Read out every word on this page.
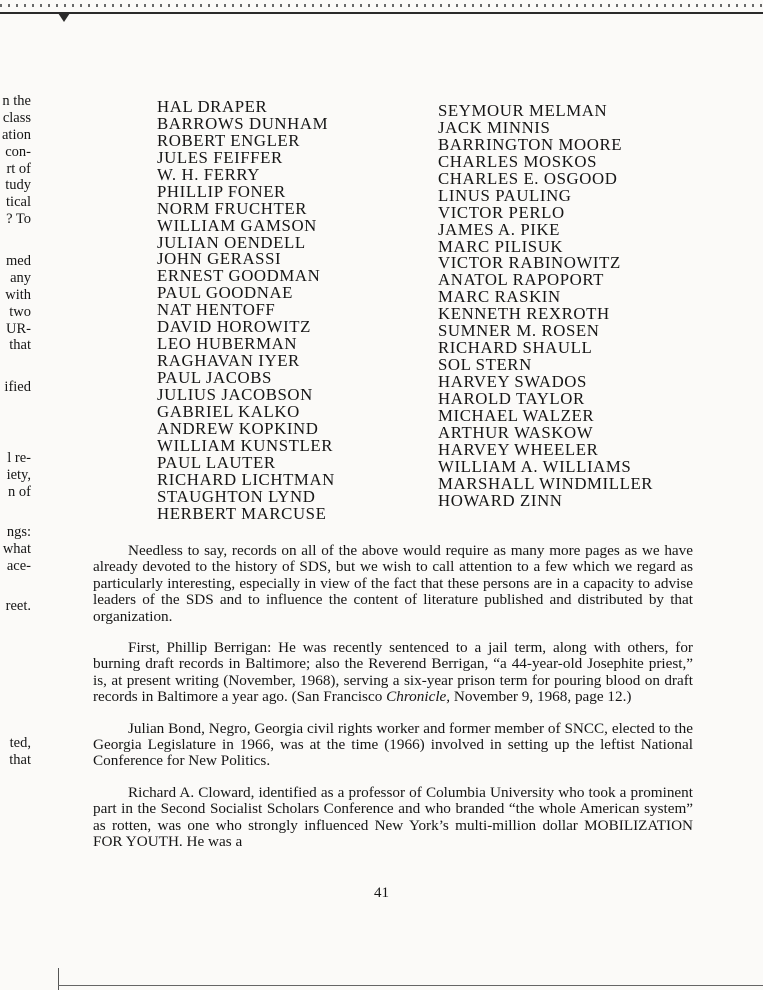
n the
class
ation
con-
rt of
tudy
tical
? To
med
any
with
two
UR-
that
ified
l re-
iety,
n of
ngs:
what
ace-
reet.
ted,
that
HAL DRAPER
BARROWS DUNHAM
ROBERT ENGLER
JULES FEIFFER
W. H. FERRY
PHILLIP FONER
NORM FRUCHTER
WILLIAM GAMSON
JULIAN OENDELL
JOHN GERASSI
ERNEST GOODMAN
PAUL GOODNAE
NAT HENTOFF
DAVID HOROWITZ
LEO HUBERMAN
RAGHAVAN IYER
PAUL JACOBS
JULIUS JACOBSON
GABRIEL KALKO
ANDREW KOPKIND
WILLIAM KUNSTLER
PAUL LAUTER
RICHARD LICHTMAN
STAUGHTON LYND
HERBERT MARCUSE
SEYMOUR MELMAN
JACK MINNIS
BARRINGTON MOORE
CHARLES MOSKOS
CHARLES E. OSGOOD
LINUS PAULING
VICTOR PERLO
JAMES A. PIKE
MARC PILISUK
VICTOR RABINOWITZ
ANATOL RAPOPORT
MARC RASKIN
KENNETH REXROTH
SUMNER M. ROSEN
RICHARD SHAULL
SOL STERN
HARVEY SWADOS
HAROLD TAYLOR
MICHAEL WALZER
ARTHUR WASKOW
HARVEY WHEELER
WILLIAM A. WILLIAMS
MARSHALL WINDMILLER
HOWARD ZINN

Needless to say, records on all of the above would require as many more pages as we have already devoted to the history of SDS, but we wish to call attention to a few which we regard as particularly interesting, especially in view of the fact that these persons are in a capacity to advise leaders of the SDS and to influence the content of literature published and distributed by that organization.

First, Phillip Berrigan: He was recently sentenced to a jail term, along with others, for burning draft records in Baltimore; also the Reverend Berrigan, “a 44-year-old Josephite priest,” is, at present writing (November, 1968), serving a six-year prison term for pouring blood on draft records in Baltimore a year ago. (San Francisco Chronicle, November 9, 1968, page 12.)

Julian Bond, Negro, Georgia civil rights worker and former member of SNCC, elected to the Georgia Legislature in 1966, was at the time (1966) involved in setting up the leftist National Conference for New Politics.

Richard A. Cloward, identified as a professor of Columbia University who took a prominent part in the Second Socialist Scholars Conference and who branded “the whole American system” as rotten, was one who strongly influenced New York’s multi-million dollar MOBILIZATION FOR YOUTH. He was a

41
